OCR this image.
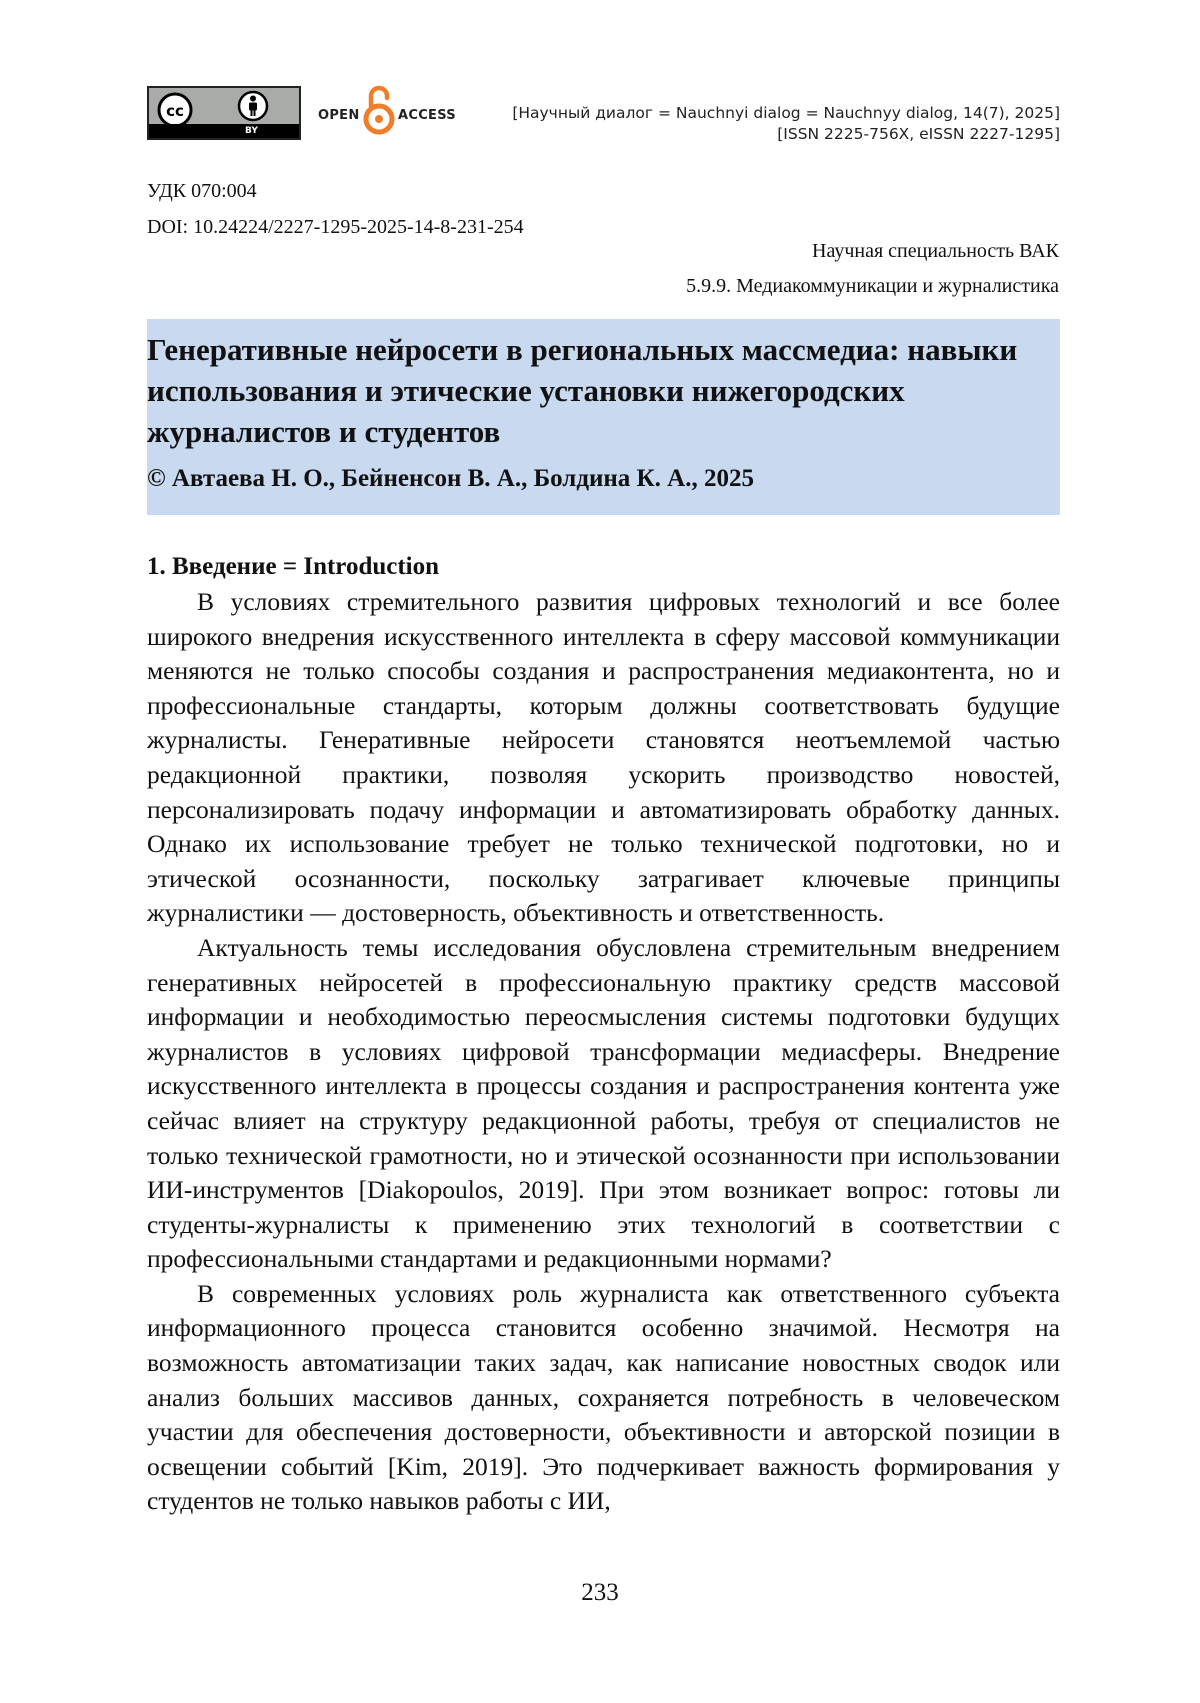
cc
BY
OPEN	ACCESS	[Научный диалог = Nauchnyi dialog = Nauchnyy dialog, 14(7), 2025]
[ISSN 2225-756X, eISSN 2227-1295]
УДК 070:004
DOI: 10.24224/2227-1295-2025-14-8-231-254
Научная специальность ВАК
5.9.9. Медиакоммуникации и журналистика
Генеративные нейросети в региональных массмедиа: навыки использования и этические установки нижегородских журналистов и студентов
© Автаева Н. О., Бейненсон В. А., Болдина К. А., 2025
1. Введение = Introduction

В условиях стремительного развития цифровых технологий и все более широкого внедрения искусственного интеллекта в сферу массовой коммуникации меняются не только способы создания и распространения медиаконтента, но и профессиональные стандарты, которым должны соответствовать будущие журналисты. Генеративные нейросети становятся неотъемлемой частью редакционной практики, позволяя ускорить производство новостей, персонализировать подачу информации и автоматизировать обработку данных. Однако их использование требует не только технической подготовки, но и этической осознанности, поскольку затрагивает ключевые принципы журналистики — достоверность, объективность и ответственность.

Актуальность темы исследования обусловлена стремительным внедрением генеративных нейросетей в профессиональную практику средств массовой информации и необходимостью переосмысления системы подготовки будущих журналистов в условиях цифровой трансформации медиасферы. Внедрение искусственного интеллекта в процессы создания и распространения контента уже сейчас влияет на структуру редакционной работы, требуя от специалистов не только технической грамотности, но и этической осознанности при использовании ИИ-инструментов [Diakopoulos, 2019]. При этом возникает вопрос: готовы ли студенты-журналисты к применению этих технологий в соответствии с профессиональными стандартами и редакционными нормами?

В современных условиях роль журналиста как ответственного субъекта информационного процесса становится особенно значимой. Несмотря на возможность автоматизации таких задач, как написание новостных сводок или анализ больших массивов данных, сохраняется потребность в человеческом участии для обеспечения достоверности, объективности и авторской позиции в освещении событий [Kim, 2019]. Это подчеркивает важность формирования у студентов не только навыков работы с ИИ,

233
